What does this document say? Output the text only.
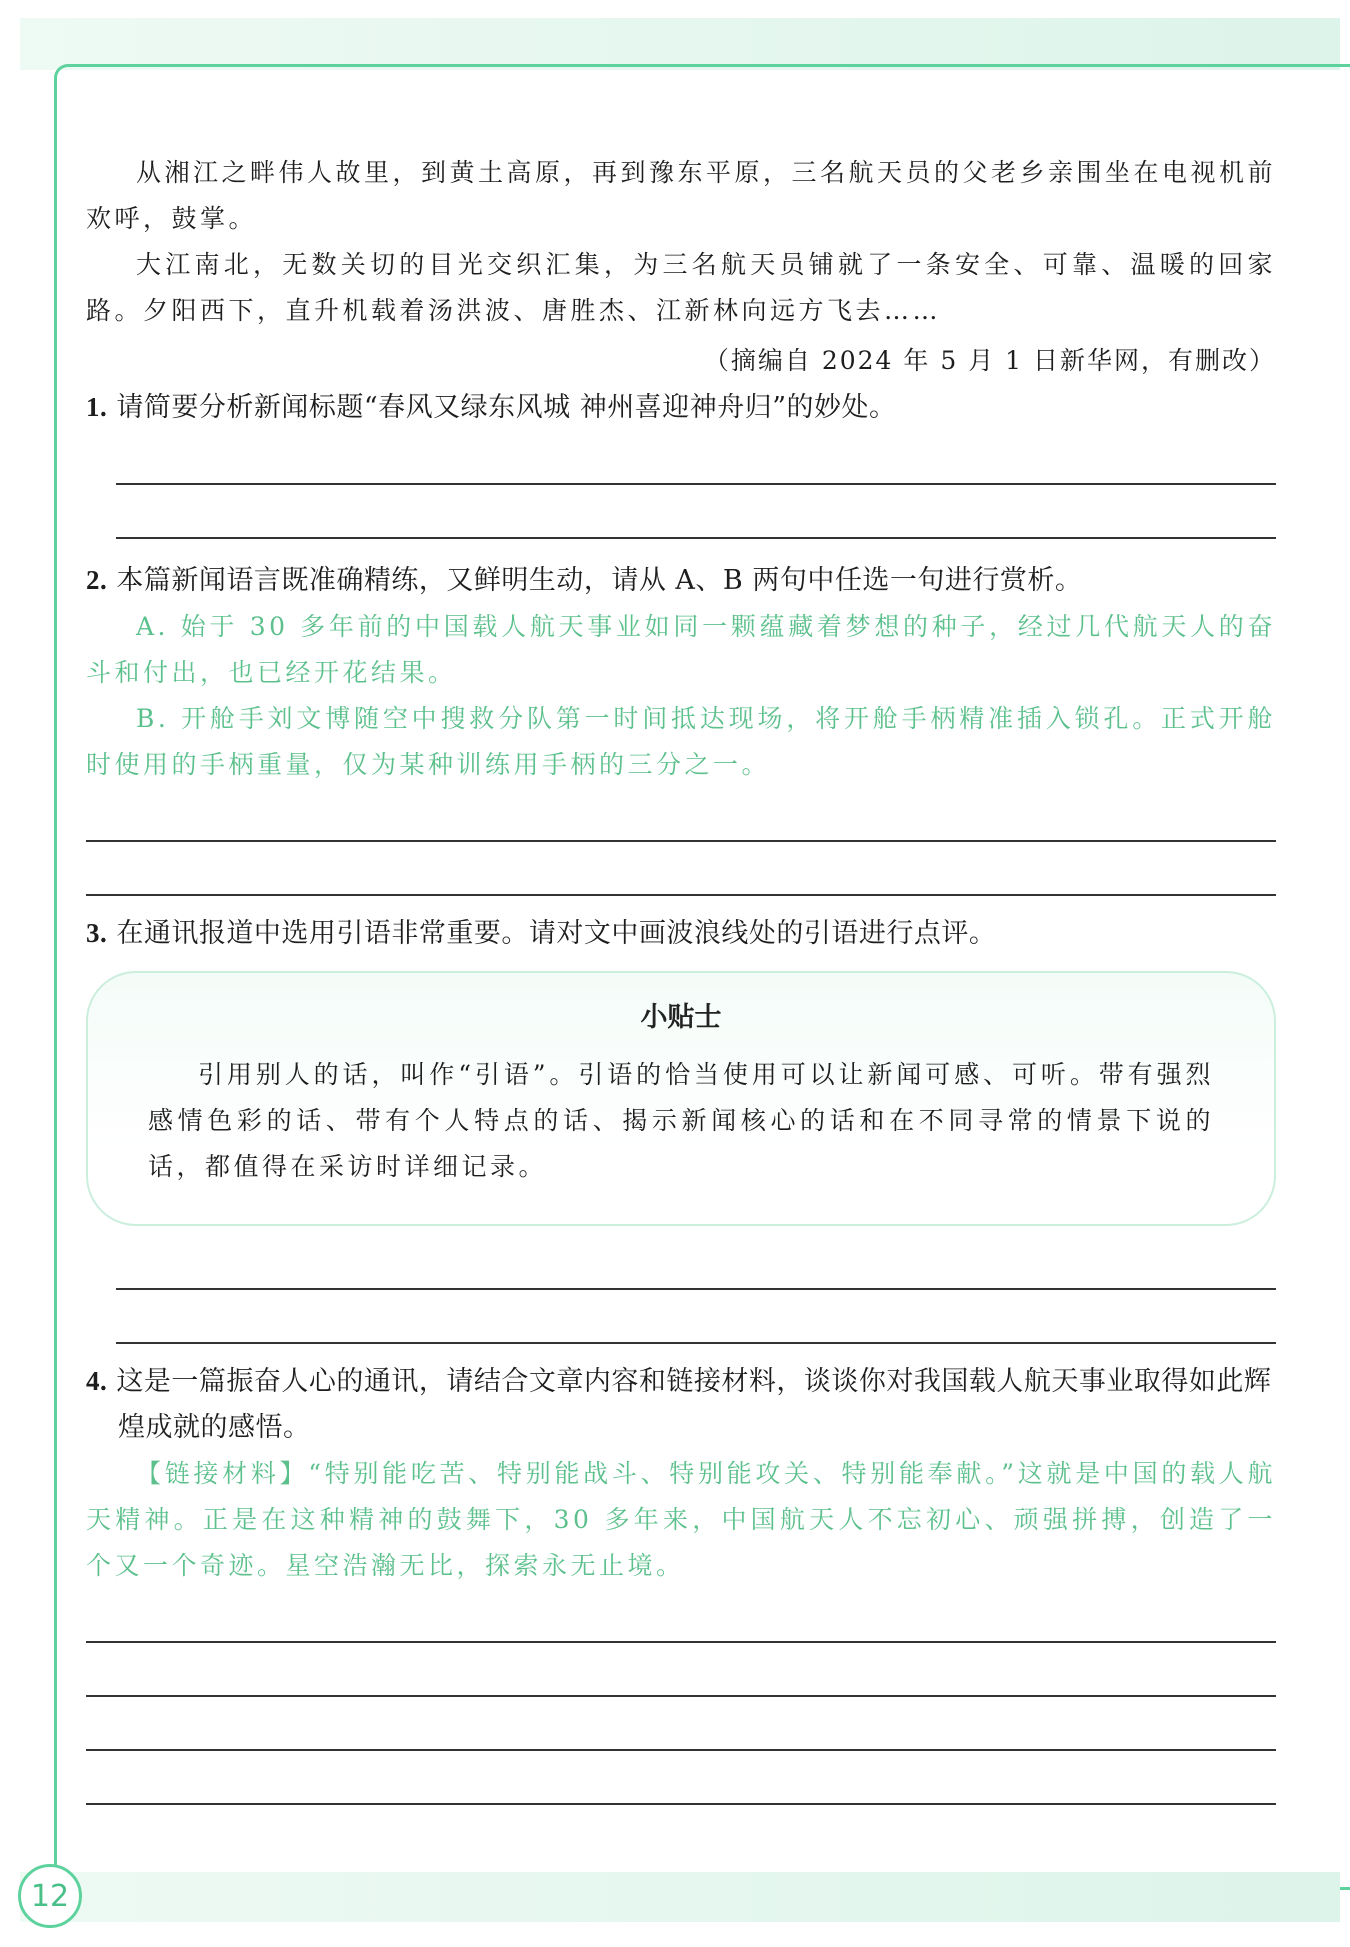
12

从湘江之畔伟人故里，到黄土高原，再到豫东平原，三名航天员的父老乡亲围坐在电视机前欢呼，鼓掌。

大江南北，无数关切的目光交织汇集，为三名航天员铺就了一条安全、可靠、温暖的回家路。夕阳西下，直升机载着汤洪波、唐胜杰、江新林向远方飞去……

（摘编自 2024 年 5 月 1 日新华网，有删改）

1. 请简要分析新闻标题“春风又绿东风城 神州喜迎神舟归”的妙处。

2. 本篇新闻语言既准确精练，又鲜明生动，请从 A、B 两句中任选一句进行赏析。

A. 始于 30 多年前的中国载人航天事业如同一颗蕴藏着梦想的种子，经过几代航天人的奋斗和付出，也已经开花结果。

B. 开舱手刘文博随空中搜救分队第一时间抵达现场，将开舱手柄精准插入锁孔。正式开舱时使用的手柄重量，仅为某种训练用手柄的三分之一。

3. 在通讯报道中选用引语非常重要。请对文中画波浪线处的引语进行点评。

小贴士

引用别人的话，叫作“引语”。引语的恰当使用可以让新闻可感、可听。带有强烈感情色彩的话、带有个人特点的话、揭示新闻核心的话和在不同寻常的情景下说的话，都值得在采访时详细记录。

4. 这是一篇振奋人心的通讯，请结合文章内容和链接材料，谈谈你对我国载人航天事业取得如此辉煌成就的感悟。

【链接材料】“特别能吃苦、特别能战斗、特别能攻关、特别能奉献。”这就是中国的载人航天精神。正是在这种精神的鼓舞下，30 多年来，中国航天人不忘初心、顽强拼搏，创造了一个又一个奇迹。星空浩瀚无比，探索永无止境。
